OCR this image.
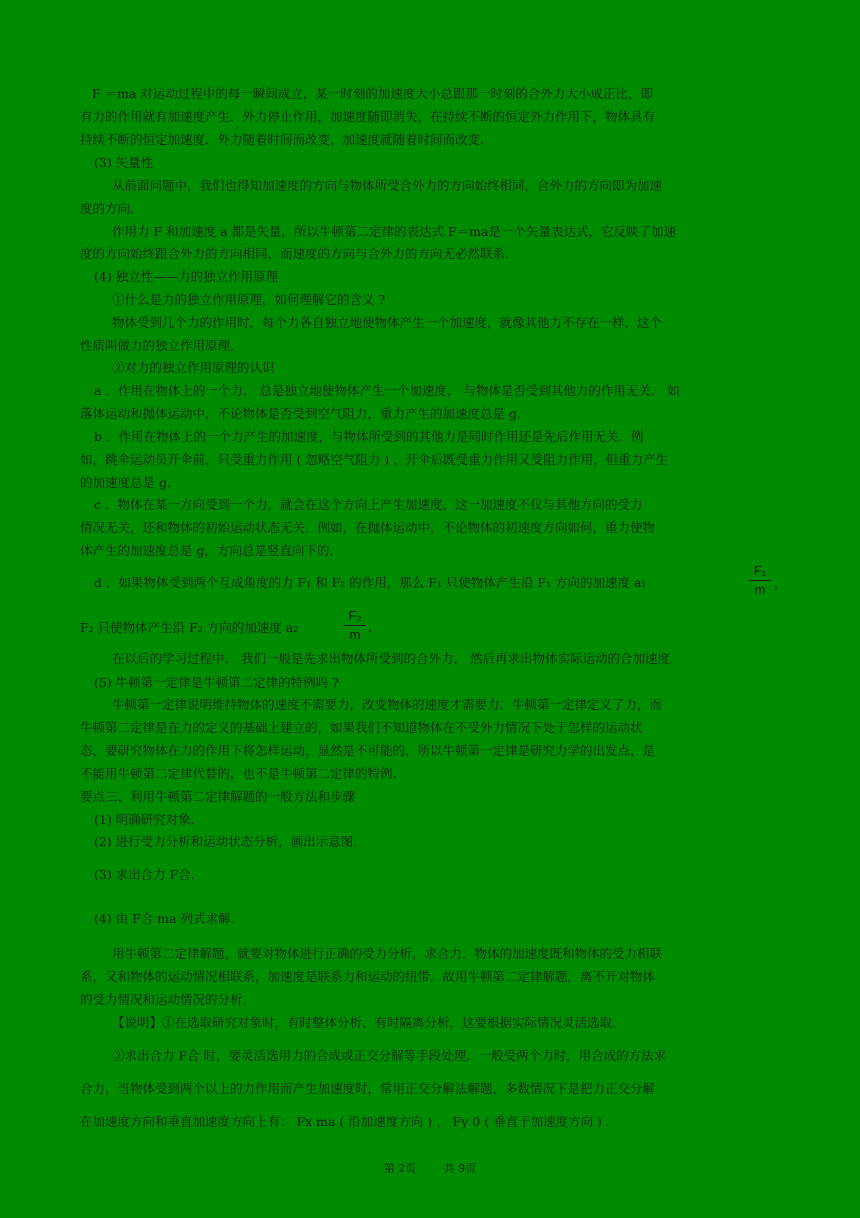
F ＝ma 对运动过程中的每一瞬间成立，某一时刻的加速度大小总跟那一时刻的合外力大小成正比，即
有力的作用就有加速度产生．外力停止作用，加速度随即消失，在持续不断的恒定外力作用下，物体具有
持续不断的恒定加速度．外力随着时间而改变，加速度就随着时间而改变．
(3) 矢量性
从前面问题中，我们也得知加速度的方向与物体所受合外力的方向始终相同，合外力的方向即为加速
度的方向．
作用力 F 和加速度 a 都是矢量，所以牛顿第二定律的表达式 F＝ma是一个矢量表达式，它反映了加速
度的方向始终跟合外力的方向相同，而速度的方向与合外力的方向无必然联系．
(4) 独立性——力的独立作用原理
①什么是力的独立作用原理，如何理解它的含义 ?
物体受到几个力的作用时，每个力各自独立地使物体产生一个加速度，就像其他力不存在一样，这个
性质叫做力的独立作用原理．
②对力的独立作用原理的认识
a ．作用在物体上的一个力， 总是独立地使物体产生一个加速度， 与物体是否受到其他力的作用无关． 如
落体运动和抛体运动中，不论物体是否受到空气阻力，重力产生的加速度总是 g．
b ．作用在物体上的一个力产生的加速度，与物体所受到的其他力是同时作用还是先后作用无关．例
如，跳伞运动员开伞前，只受重力作用 ( 忽略空气阻力 ) ，开伞后既受重力作用又受阻力作用，但重力产生
的加速度总是 g．
c ．物体在某一方向受到一个力，就会在这个方向上产生加速度，这一加速度不仅与其他方向的受力
情况无关，还和物体的初始运动状态无关．例如，在抛体运动中，不论物体的初速度方向如何，重力使物
体产生的加速度总是 g，方向总是竖直向下的．
d ．如果物体受到两个互成角度的力 F₁ 和 F₂ 的作用，那么 F₁ 只使物体产生沿 F₁ 方向的加速度 a₁
F₁
m ，
F₂ 只使物体产生沿 F₂ 方向的加速度 a₂
F₂
m ．
在以后的学习过程中， 我们一般是先求出物体所受到的合外力， 然后再求出物体实际运动的合加速度．
(5) 牛顿第一定律是牛顿第二定律的特例吗 ?
牛顿第一定律说明维持物体的速度不需要力，改变物体的速度才需要力．牛顿第一定律定义了力，而
牛顿第二定律是在力的定义的基础上建立的，如果我们不知道物体在不受外力情况下处于怎样的运动状
态，要研究物体在力的作用下将怎样运动，显然是不可能的，所以牛顿第一定律是研究力学的出发点，是
不能用牛顿第二定律代替的，也不是牛顿第二定律的特例．
要点三、利用牛顿第二定律解题的一般方法和步骤
(1) 明确研究对象．
(2) 进行受力分析和运动状态分析，画出示意图．
(3) 求出合力 F合．
(4) 由 F合 ma 列式求解．
用牛顿第二定律解题，就要对物体进行正确的受力分析，求合力．物体的加速度既和物体的受力相联
系，又和物体的运动情况相联系，加速度是联系力和运动的纽带．故用牛顿第二定律解题，离不开对物体
的受力情况和运动情况的分析．
【说明】①在选取研究对象时，有时整体分析、有时隔离分析，这要根据实际情况灵活选取．
②求出合力 F合 时，要灵活选用力的合成或正交分解等手段处理．一般受两个力时，用合成的方法求
合力，当物体受到两个以上的力作用而产生加速度时，常用正交分解法解题，多数情况下是把力正交分解
在加速度方向和垂直加速度方向上有： Fx ma ( 沿加速度方向 ) ， Fy 0 ( 垂直于加速度方向 ) ．
第 2页	共 9页
